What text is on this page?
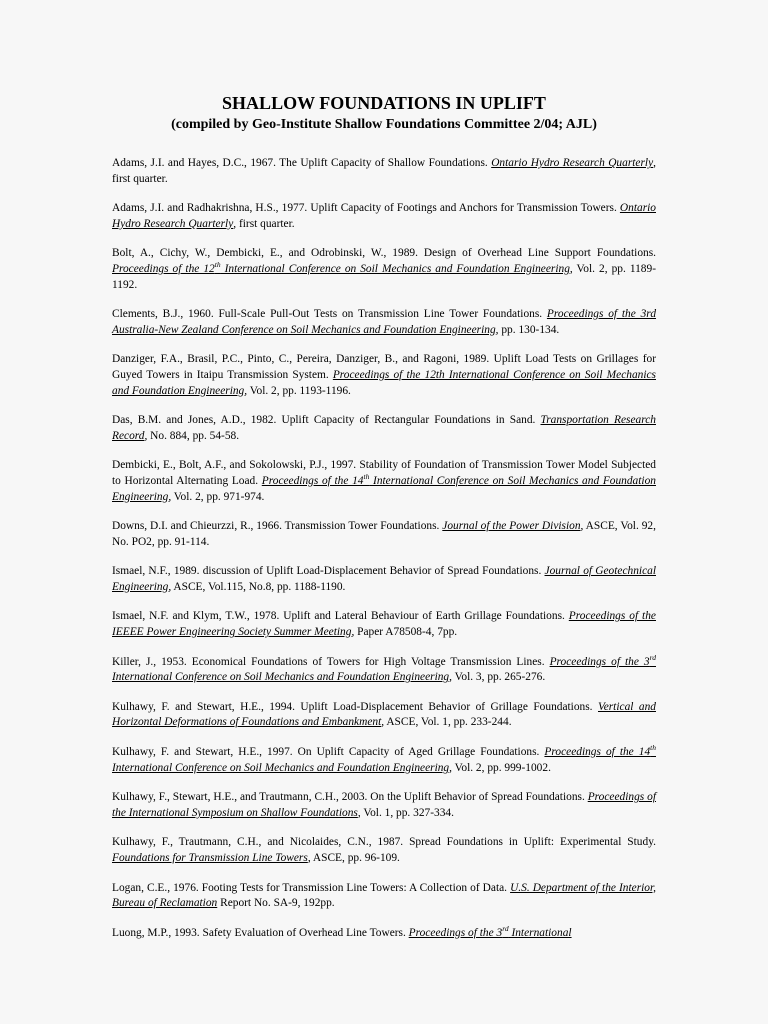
SHALLOW FOUNDATIONS IN UPLIFT
(compiled by Geo-Institute Shallow Foundations Committee 2/04; AJL)

Adams, J.I. and Hayes, D.C., 1967. The Uplift Capacity of Shallow Foundations. Ontario Hydro Research Quarterly, first quarter.

Adams, J.I. and Radhakrishna, H.S., 1977. Uplift Capacity of Footings and Anchors for Transmission Towers. Ontario Hydro Research Quarterly, first quarter.

Bolt, A., Cichy, W., Dembicki, E., and Odrobinski, W., 1989. Design of Overhead Line Support Foundations. Proceedings of the 12th International Conference on Soil Mechanics and Foundation Engineering, Vol. 2, pp. 1189-1192.

Clements, B.J., 1960. Full-Scale Pull-Out Tests on Transmission Line Tower Foundations. Proceedings of the 3rd Australia-New Zealand Conference on Soil Mechanics and Foundation Engineering, pp. 130-134.

Danziger, F.A., Brasil, P.C., Pinto, C., Pereira, Danziger, B., and Ragoni, 1989. Uplift Load Tests on Grillages for Guyed Towers in Itaipu Transmission System. Proceedings of the 12th International Conference on Soil Mechanics and Foundation Engineering, Vol. 2, pp. 1193-1196.

Das, B.M. and Jones, A.D., 1982. Uplift Capacity of Rectangular Foundations in Sand. Transportation Research Record, No. 884, pp. 54-58.

Dembicki, E., Bolt, A.F., and Sokolowski, P.J., 1997. Stability of Foundation of Transmission Tower Model Subjected to Horizontal Alternating Load. Proceedings of the 14th International Conference on Soil Mechanics and Foundation Engineering, Vol. 2, pp. 971-974.

Downs, D.I. and Chieurzzi, R., 1966. Transmission Tower Foundations. Journal of the Power Division, ASCE, Vol. 92, No. PO2, pp. 91-114.

Ismael, N.F., 1989. discussion of Uplift Load-Displacement Behavior of Spread Foundations. Journal of Geotechnical Engineering, ASCE, Vol.115, No.8, pp. 1188-1190.

Ismael, N.F. and Klym, T.W., 1978. Uplift and Lateral Behaviour of Earth Grillage Foundations. Proceedings of the IEEEE Power Engineering Society Summer Meeting, Paper A78508-4, 7pp.

Killer, J., 1953. Economical Foundations of Towers for High Voltage Transmission Lines. Proceedings of the 3rd International Conference on Soil Mechanics and Foundation Engineering, Vol. 3, pp. 265-276.

Kulhawy, F. and Stewart, H.E., 1994. Uplift Load-Displacement Behavior of Grillage Foundations. Vertical and Horizontal Deformations of Foundations and Embankment, ASCE, Vol. 1, pp. 233-244.

Kulhawy, F. and Stewart, H.E., 1997. On Uplift Capacity of Aged Grillage Foundations. Proceedings of the 14th International Conference on Soil Mechanics and Foundation Engineering, Vol. 2, pp. 999-1002.

Kulhawy, F., Stewart, H.E., and Trautmann, C.H., 2003. On the Uplift Behavior of Spread Foundations. Proceedings of the International Symposium on Shallow Foundations, Vol. 1, pp. 327-334.

Kulhawy, F., Trautmann, C.H., and Nicolaides, C.N., 1987. Spread Foundations in Uplift: Experimental Study. Foundations for Transmission Line Towers, ASCE, pp. 96-109.

Logan, C.E., 1976. Footing Tests for Transmission Line Towers: A Collection of Data. U.S. Department of the Interior, Bureau of Reclamation Report No. SA-9, 192pp.

Luong, M.P., 1993. Safety Evaluation of Overhead Line Towers. Proceedings of the 3rd International
